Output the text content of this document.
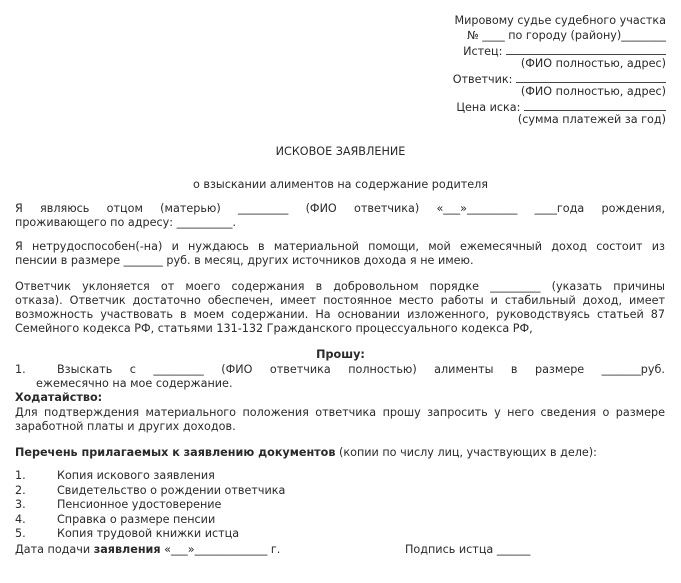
Мировому судье судебного участка
№ ____ по городу (району)________
Истец:
(ФИО полностью, адрес)
Ответчик:
(ФИО полностью, адрес)
Цена иска:
(сумма платежей за год)
ИСКОВОЕ ЗАЯВЛЕНИЕ
о взыскании алиментов на содержание родителя
Я являюсь отцом (матерью) _________ (ФИО ответчика) «___»_________ ____года рождения,
проживающего по адресу: __________.
Я нетрудоспособен(-на) и нуждаюсь в материальной помощи, мой ежемесячный доход состоит из
пенсии в размере _______ руб. в месяц, других источников дохода я не имею.
Ответчик уклоняется от моего содержания в добровольном порядке _________ (указать причины
отказа). Ответчик достаточно обеспечен, имеет постоянное место работы и стабильный доход, имеет
возможность участвовать в моем содержании. На основании изложенного, руководствуясь статьей 87
Семейного кодекса РФ, статьями 131-132 Гражданского процессуального кодекса РФ,
Прошу:
1.	Взыскать с _________ (ФИО ответчика полностью) алименты в размере _______руб.
ежемесячно на мое содержание.
Ходатайство:
Для подтверждения материального положения ответчика прошу запросить у него сведения о размере
заработной платы и других доходов.
Перечень прилагаемых к заявлению документов (копии по числу лиц, участвующих в деле):
1.	Копия искового заявления
2.	Свидетельство о рождении ответчика
3.	Пенсионное удостоверение
4.	Справка о размере пенсии
5.	Копия трудовой книжки истца
Дата подачи заявления «___»_____________ г.	Подпись истца ______
